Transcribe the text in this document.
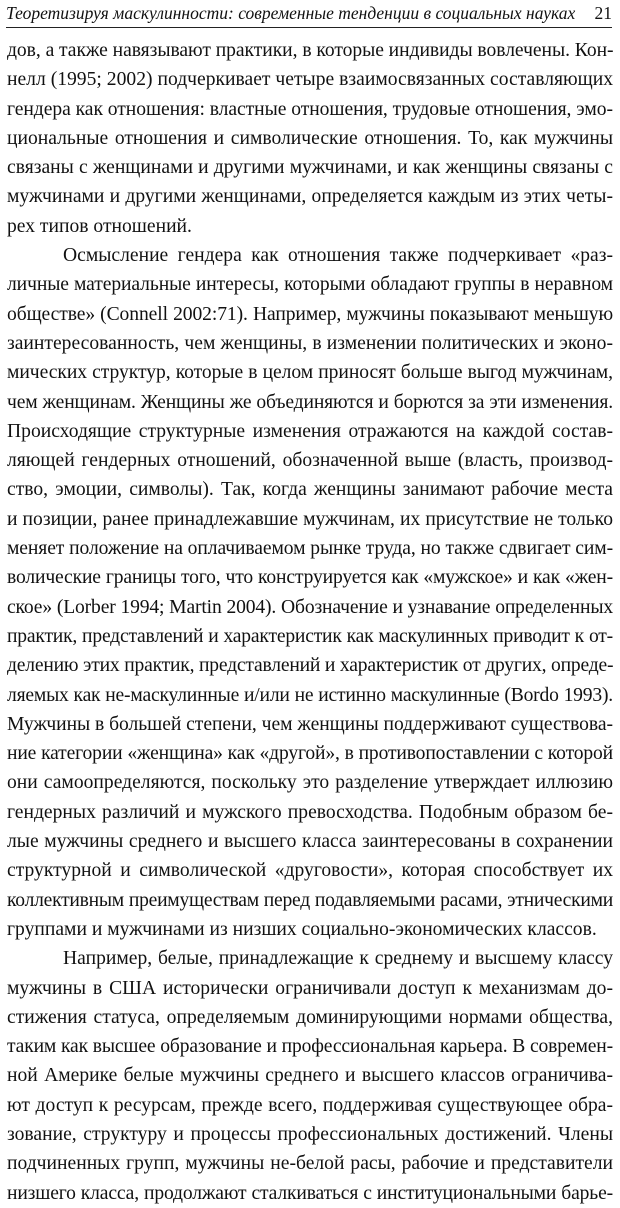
Теоретизируя маскулинности: современные тенденции в социальных науках 21
дов, а также навязывают практики, в которые индивиды вовлечены. Кон-
нелл (1995; 2002) подчеркивает четыре взаимосвязанных составляющих
гендера как отношения: властные отношения, трудовые отношения, эмо-
циональные отношения и символические отношения. То, как мужчины
связаны с женщинами и другими мужчинами, и как женщины связаны с
мужчинами и другими женщинами, определяется каждым из этих четы-
рех типов отношений.
Осмысление гендера как отношения также подчеркивает «раз-
личные материальные интересы, которыми обладают группы в неравном
обществе» (Connell 2002:71). Например, мужчины показывают меньшую
заинтересованность, чем женщины, в изменении политических и эконо-
мических структур, которые в целом приносят больше выгод мужчинам,
чем женщинам. Женщины же объединяются и борются за эти изменения.
Происходящие структурные изменения отражаются на каждой состав-
ляющей гендерных отношений, обозначенной выше (власть, производ-
ство, эмоции, символы). Так, когда женщины занимают рабочие места
и позиции, ранее принадлежавшие мужчинам, их присутствие не только
меняет положение на оплачиваемом рынке труда, но также сдвигает сим-
волические границы того, что конструируется как «мужское» и как «жен-
ское» (Lorber 1994; Martin 2004). Обозначение и узнавание определенных
практик, представлений и характеристик как маскулинных приводит к от-
делению этих практик, представлений и характеристик от других, опреде-
ляемых как не-маскулинные и/или не истинно маскулинные (Bordo 1993).
Мужчины в большей степени, чем женщины поддерживают существова-
ние категории «женщина» как «другой», в противопоставлении с которой
они самоопределяются, поскольку это разделение утверждает иллюзию
гендерных различий и мужского превосходства. Подобным образом бе-
лые мужчины среднего и высшего класса заинтересованы в сохранении
структурной и символической «друговости», которая способствует их
коллективным преимуществам перед подавляемыми расами, этническими
группами и мужчинами из низших социально-экономических классов.
Например, белые, принадлежащие к среднему и высшему классу
мужчины в США исторически ограничивали доступ к механизмам до-
стижения статуса, определяемым доминирующими нормами общества,
таким как высшее образование и профессиональная карьера. В современ-
ной Америке белые мужчины среднего и высшего классов ограничива-
ют доступ к ресурсам, прежде всего, поддерживая существующее обра-
зование, структуру и процессы профессиональных достижений. Члены
подчиненных групп, мужчины не-белой расы, рабочие и представители
низшего класса, продолжают сталкиваться с институциональными барье-
